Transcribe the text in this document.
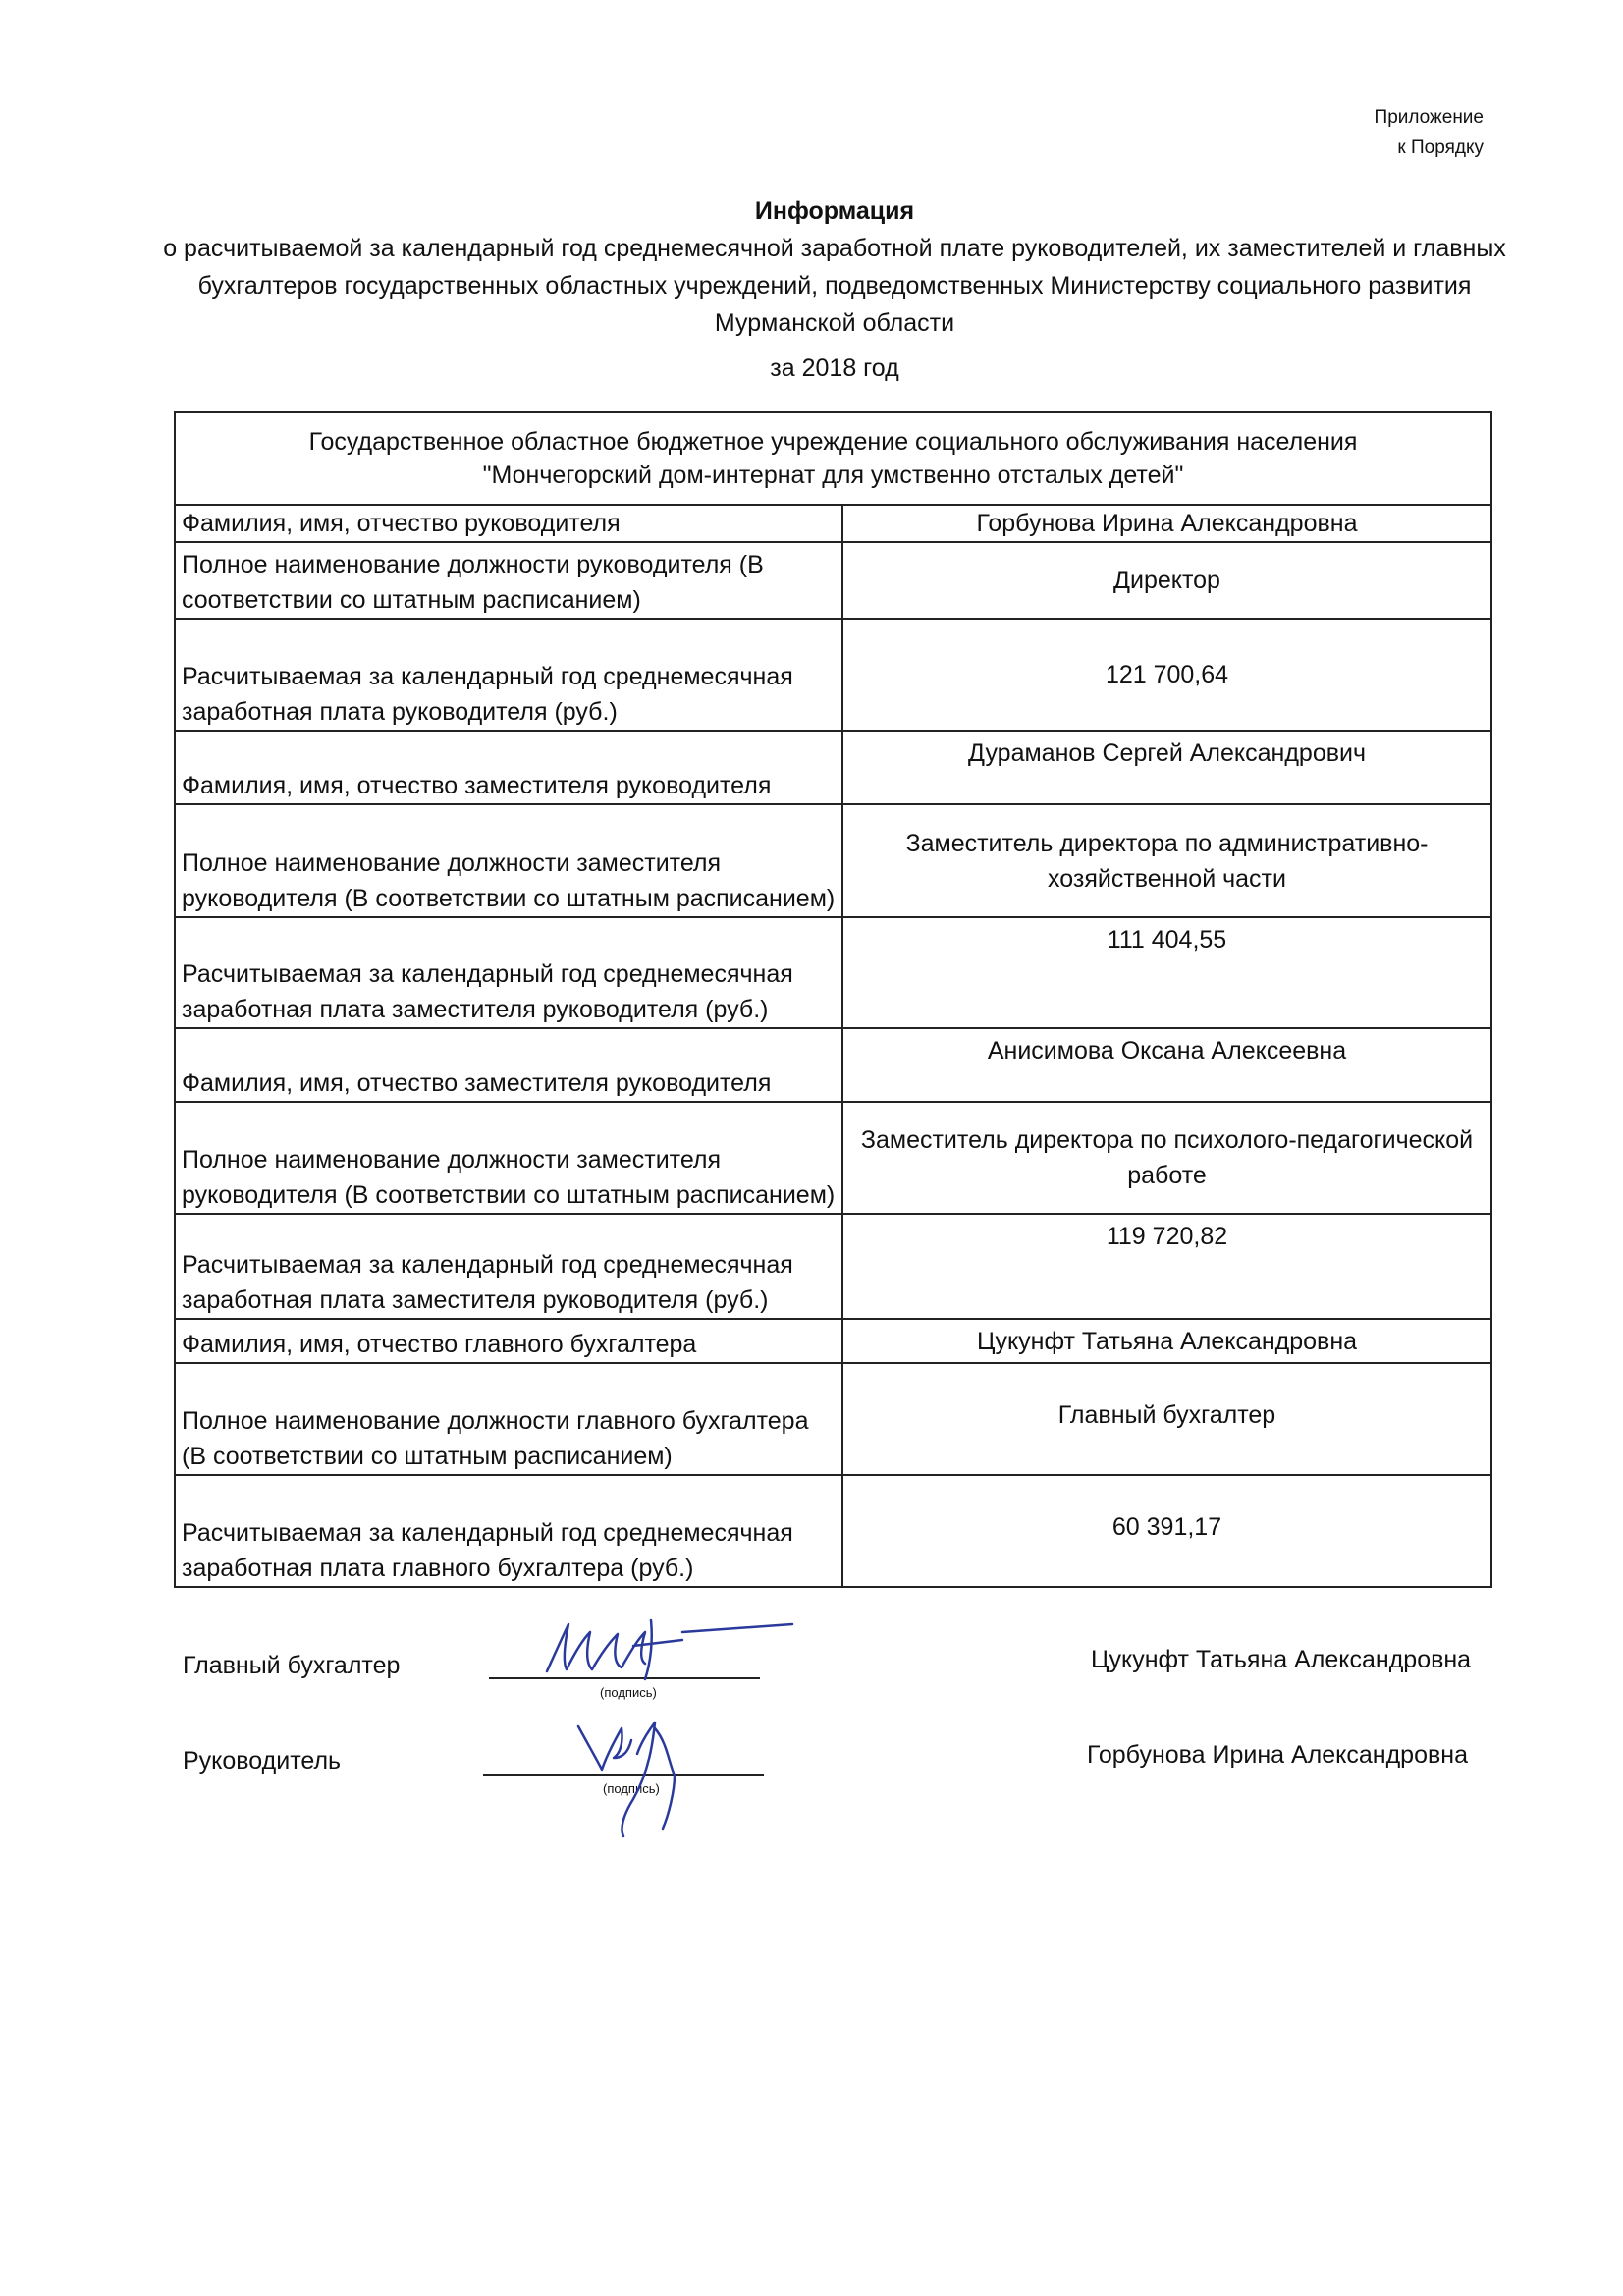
Приложение
к Порядку
Информация
о расчитываемой за календарный год среднемесячной заработной плате руководителей, их заместителей и главных бухгалтеров государственных областных учреждений, подведомственных Министерству социального развития Мурманской области
за 2018 год
Государственное областное бюджетное учреждение социального обслуживания населения
"Мончегорский дом-интернат для умственно отсталых детей"	

Фамилия, имя, отчество руководителя	Горбунова Ирина Александровна
Полное наименование должности руководителя (В соответствии со штатным расписанием)	Директор
Расчитываемая за календарный год среднемесячная заработная плата руководителя (руб.)	121 700,64
Фамилия, имя, отчество заместителя руководителя	Дураманов Сергей Александрович
Полное наименование должности заместителя руководителя (В соответствии со штатным расписанием)	Заместитель директора по административно-хозяйственной части
Расчитываемая за календарный год среднемесячная заработная плата заместителя руководителя (руб.)	111 404,55
Фамилия, имя, отчество заместителя руководителя	Анисимова Оксана Алексеевна
Полное наименование должности заместителя руководителя (В соответствии со штатным расписанием)	Заместитель директора по психолого-педагогической работе
Расчитываемая за календарный год среднемесячная заработная плата заместителя руководителя (руб.)	119 720,82
Фамилия, имя, отчество главного бухгалтера	Цукунфт Татьяна Александровна
Полное наименование должности главного бухгалтера (В соответствии со штатным расписанием)	Главный бухгалтер
Расчитываемая за календарный год среднемесячная заработная плата главного бухгалтера (руб.)	60 391,17
Главный бухгалтер
(подпись)
Цукунфт Татьяна Александровна
Руководитель
(подпись)
Горбунова Ирина Александровна
